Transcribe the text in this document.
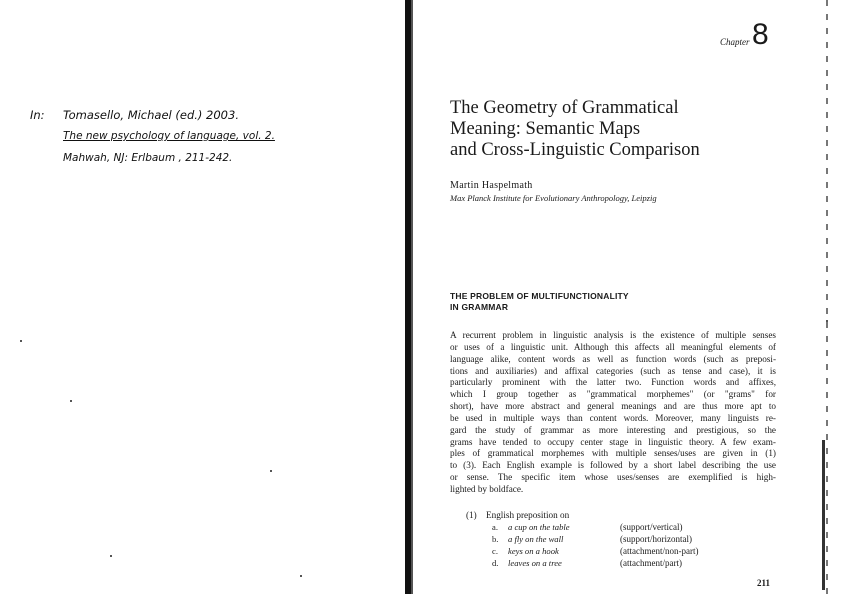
In: Tomasello, Michael (ed.) 2003.
The new psychology of language, vol. 2.
Mahwah, NJ: Erlbaum , 211-242.
Chapter 8
The Geometry of Grammatical
Meaning: Semantic Maps
and Cross-Linguistic Comparison
Martin Haspelmath
Max Planck Institute for Evolutionary Anthropology, Leipzig
THE PROBLEM OF MULTIFUNCTIONALITY
IN GRAMMAR
A recurrent problem in linguistic analysis is the existence of multiple senses
or uses of a linguistic unit. Although this affects all meaningful elements of
language alike, content words as well as function words (such as preposi-
tions and auxiliaries) and affixal categories (such as tense and case), it is
particularly prominent with the latter two. Function words and affixes,
which I group together as "grammatical morphemes" (or "grams" for
short), have more abstract and general meanings and are thus more apt to
be used in multiple ways than content words. Moreover, many linguists re-
gard the study of grammar as more interesting and prestigious, so the
grams have tended to occupy center stage in linguistic theory. A few exam-
ples of grammatical morphemes with multiple senses/uses are given in (1)
to (3). Each English example is followed by a short label describing the use
or sense. The specific item whose uses/senses are exemplified is high-
lighted by boldface.
(1) English preposition on
a. a cup on the table	(support/vertical)
b. a fly on the wall	(support/horizontal)
c. keys on a hook	(attachment/non-part)
d. leaves on a tree	(attachment/part)
211
